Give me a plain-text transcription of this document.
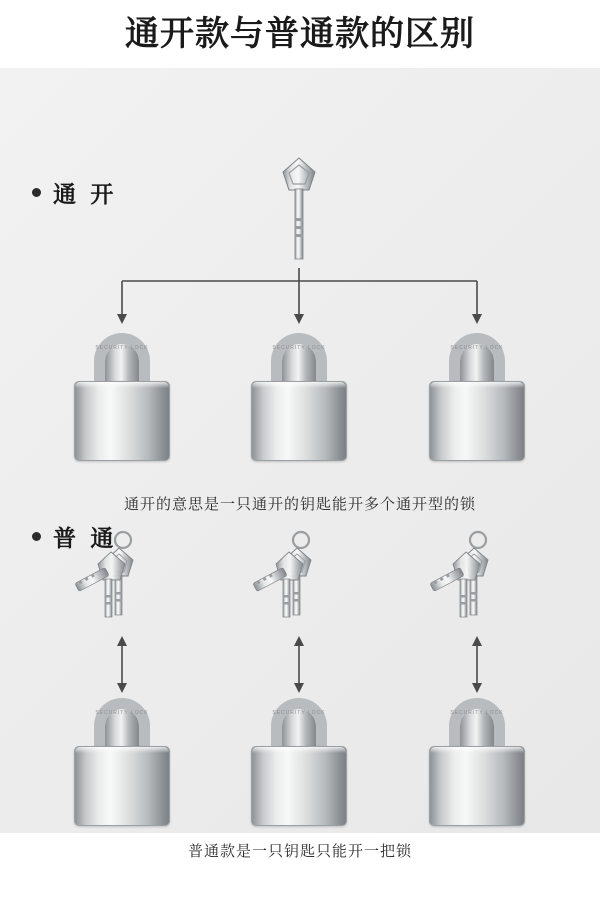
通开款与普通款的区别
通 开
SECURITY LOCK	SECURITY LOCK	SECURITY LOCK
通开的意思是一只通开的钥匙能开多个通开型的锁
普 通
SECURITY LOCK	SECURITY LOCK	SECURITY LOCK
普通款是一只钥匙只能开一把锁
